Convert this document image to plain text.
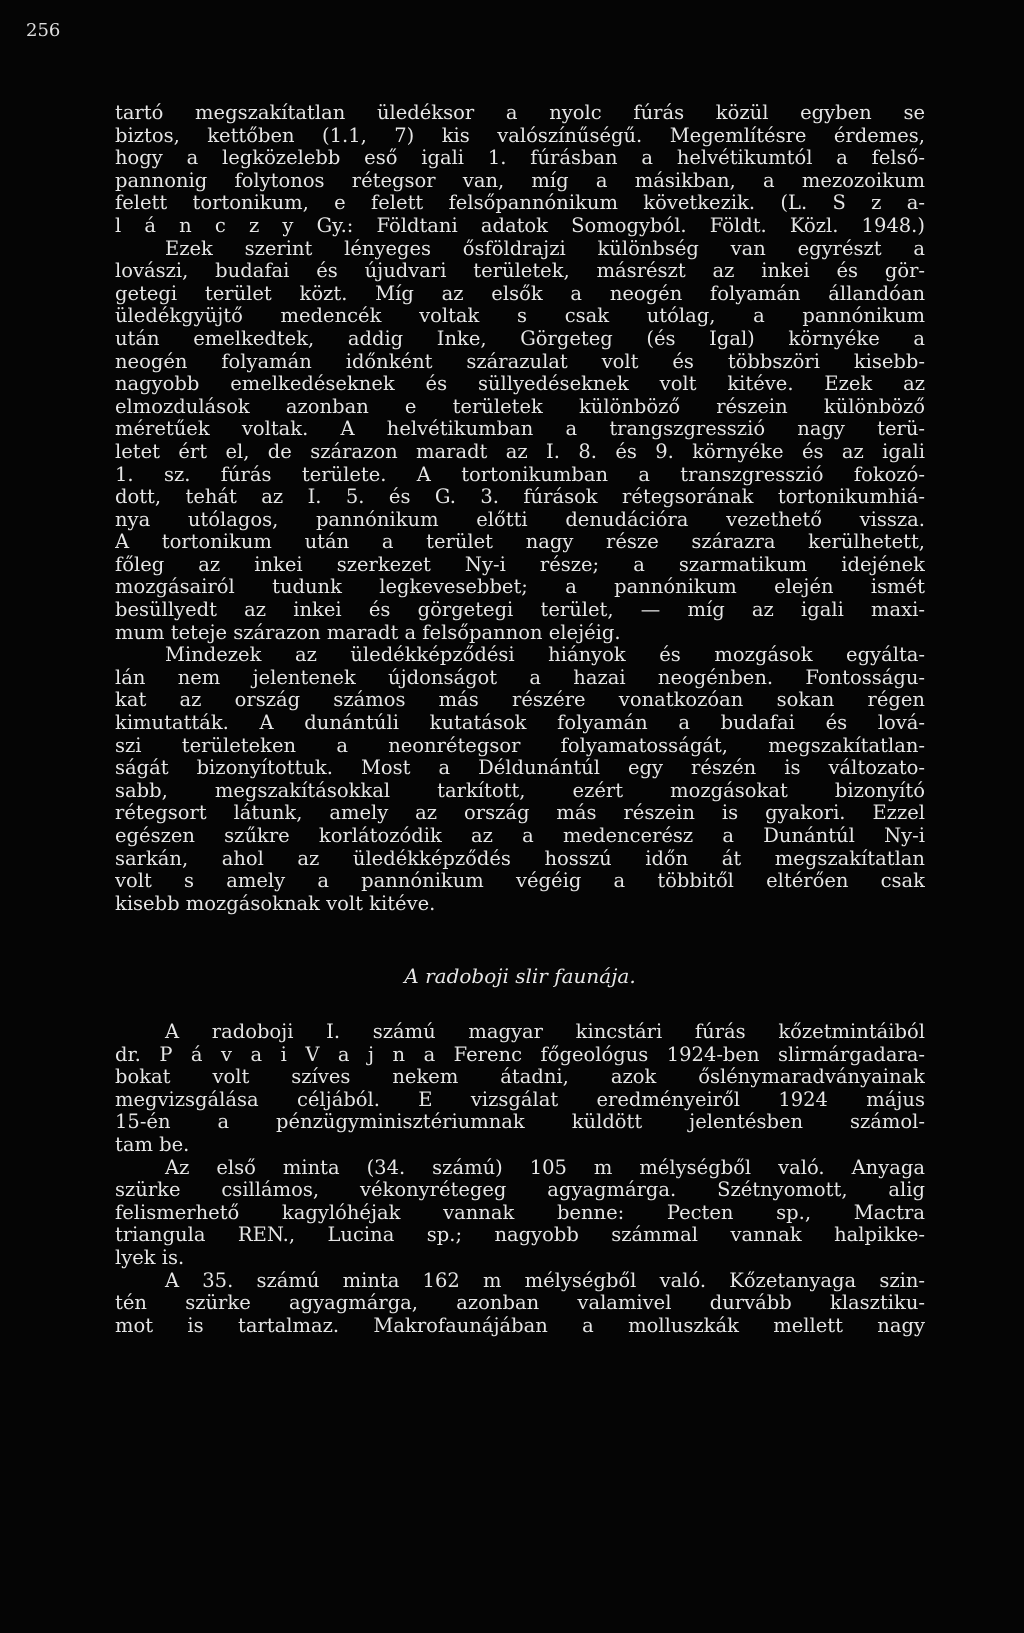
256
tartó megszakítatlan üledéksor a nyolc fúrás közül egyben se
biztos, kettőben (1.1, 7) kis valószínűségű. Megemlítésre érdemes,
hogy a legközelebb eső igali 1. fúrásban a helvétikumtól a felső-
pannonig folytonos rétegsor van, míg a másikban, a mezozoikum
felett tortonikum, e felett felsőpannónikum következik. (L. S z a-
l á n c z y Gy.: Földtani adatok Somogyból. Földt. Közl. 1948.)
Ezek szerint lényeges ősföldrajzi különbség van egyrészt a
lovászi, budafai és újudvari területek, másrészt az inkei és gör-
getegi terület közt. Míg az elsők a neogén folyamán állandóan
üledékgyüjtő medencék voltak s csak utólag, a pannónikum
után emelkedtek, addig Inke, Görgeteg (és Igal) környéke a
neogén folyamán időnként szárazulat volt és többszöri kisebb-
nagyobb emelkedéseknek és süllyedéseknek volt kitéve. Ezek az
elmozdulások azonban e területek különböző részein különböző
méretűek voltak. A helvétikumban a trangszgresszió nagy terü-
letet ért el, de szárazon maradt az I. 8. és 9. környéke és az igali
1. sz. fúrás területe. A tortonikumban a transzgresszió fokozó-
dott, tehát az I. 5. és G. 3. fúrások rétegsorának tortonikumhiá-
nya utólagos, pannónikum előtti denudációra vezethető vissza.
A tortonikum után a terület nagy része szárazra kerülhetett,
főleg az inkei szerkezet Ny-i része; a szarmatikum idejének
mozgásairól tudunk legkevesebbet; a pannónikum elején ismét
besüllyedt az inkei és görgetegi terület, — míg az igali maxi-
mum teteje szárazon maradt a felsőpannon elejéig.
Mindezek az üledékképződési hiányok és mozgások egyálta-
lán nem jelentenek újdonságot a hazai neogénben. Fontosságu-
kat az ország számos más részére vonatkozóan sokan régen
kimutatták. A dunántúli kutatások folyamán a budafai és lová-
szi területeken a neonrétegsor folyamatosságát, megszakítatlan-
ságát bizonyítottuk. Most a Déldunántúl egy részén is változato-
sabb, megszakításokkal tarkított, ezért mozgásokat bizonyító
rétegsort látunk, amely az ország más részein is gyakori. Ezzel
egészen szűkre korlátozódik az a medencerész a Dunántúl Ny-i
sarkán, ahol az üledékképződés hosszú időn át megszakítatlan
volt s amely a pannónikum végéig a többitől eltérően csak
kisebb mozgásoknak volt kitéve.
A radoboji slir faunája.
A radoboji I. számú magyar kincstári fúrás kőzetmintáiból
dr. P á v a i V a j n a Ferenc főgeológus 1924-ben slirmárgadara-
bokat volt szíves nekem átadni, azok őslénymaradványainak
megvizsgálása céljából. E vizsgálat eredményeiről 1924 május
15-én a pénzügyminisztériumnak küldött jelentésben számol-
tam be.
Az első minta (34. számú) 105 m mélységből való. Anyaga
szürke csillámos, vékonyrétegeg agyagmárga. Szétnyomott, alig
felismerhető kagylóhéjak vannak benne: Pecten sp., Mactra
triangula REN., Lucina sp.; nagyobb számmal vannak halpikke-
lyek is.
A 35. számú minta 162 m mélységből való. Kőzetanyaga szin-
tén szürke agyagmárga, azonban valamivel durvább klasztiku-
mot is tartalmaz. Makrofaunájában a molluszkák mellett nagy
